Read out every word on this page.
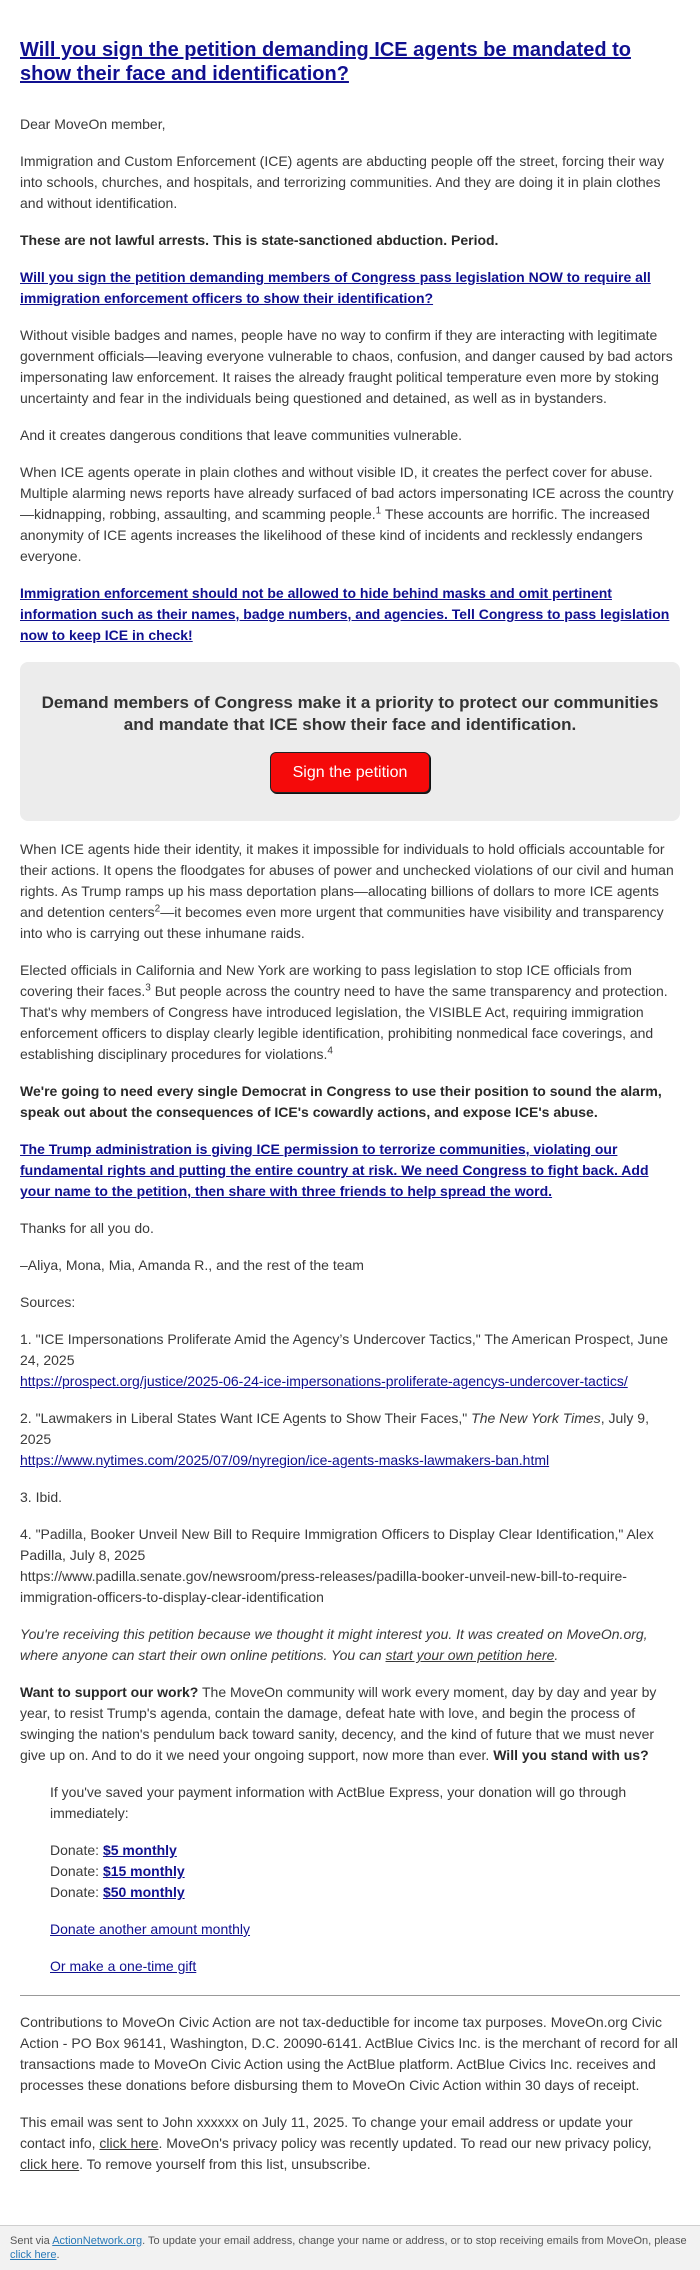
Will you sign the petition demanding ICE agents be mandated to show their face and identification?

Dear MoveOn member,

Immigration and Custom Enforcement (ICE) agents are abducting people off the street, forcing their way into schools, churches, and hospitals, and terrorizing communities. And they are doing it in plain clothes and without identification.

These are not lawful arrests. This is state-sanctioned abduction. Period.

Will you sign the petition demanding members of Congress pass legislation NOW to require all immigration enforcement officers to show their identification?

Without visible badges and names, people have no way to confirm if they are interacting with legitimate government officials—leaving everyone vulnerable to chaos, confusion, and danger caused by bad actors impersonating law enforcement. It raises the already fraught political temperature even more by stoking uncertainty and fear in the individuals being questioned and detained, as well as in bystanders.

And it creates dangerous conditions that leave communities vulnerable.

When ICE agents operate in plain clothes and without visible ID, it creates the perfect cover for abuse. Multiple alarming news reports have already surfaced of bad actors impersonating ICE across the country—kidnapping, robbing, assaulting, and scamming people.$^1$ These accounts are horrific. The increased anonymity of ICE agents increases the likelihood of these kind of incidents and recklessly endangers everyone.

Immigration enforcement should not be allowed to hide behind masks and omit pertinent information such as their names, badge numbers, and agencies. Tell Congress to pass legislation now to keep ICE in check!

Demand members of Congress make it a priority to protect our communities and mandate that ICE show their face and identification.
Sign the petition

When ICE agents hide their identity, it makes it impossible for individuals to hold officials accountable for their actions. It opens the floodgates for abuses of power and unchecked violations of our civil and human rights. As Trump ramps up his mass deportation plans—allocating billions of dollars to more ICE agents and detention centers$^2$—it becomes even more urgent that communities have visibility and transparency into who is carrying out these inhumane raids.

Elected officials in California and New York are working to pass legislation to stop ICE officials from covering their faces.$^3$ But people across the country need to have the same transparency and protection. That's why members of Congress have introduced legislation, the VISIBLE Act, requiring immigration enforcement officers to display clearly legible identification, prohibiting nonmedical face coverings, and establishing disciplinary procedures for violations.$^4$

We're going to need every single Democrat in Congress to use their position to sound the alarm, speak out about the consequences of ICE's cowardly actions, and expose ICE's abuse.

The Trump administration is giving ICE permission to terrorize communities, violating our fundamental rights and putting the entire country at risk. We need Congress to fight back. Add your name to the petition, then share with three friends to help spread the word.

Thanks for all you do.

–Aliya, Mona, Mia, Amanda R., and the rest of the team

Sources:

1. "ICE Impersonations Proliferate Amid the Agency’s Undercover Tactics," The American Prospect, June 24, 2025
https://prospect.org/justice/2025-06-24-ice-impersonations-proliferate-agencys-undercover-tactics/

2. "Lawmakers in Liberal States Want ICE Agents to Show Their Faces," The New York Times, July 9, 2025
https://www.nytimes.com/2025/07/09/nyregion/ice-agents-masks-lawmakers-ban.html

3. Ibid.

4. "Padilla, Booker Unveil New Bill to Require Immigration Officers to Display Clear Identification," Alex Padilla, July 8, 2025
https://www.padilla.senate.gov/newsroom/press-releases/padilla-booker-unveil-new-bill-to-require-immigration-officers-to-display-clear-identification

You're receiving this petition because we thought it might interest you. It was created on MoveOn.org, where anyone can start their own online petitions. You can start your own petition here.

Want to support our work? The MoveOn community will work every moment, day by day and year by year, to resist Trump's agenda, contain the damage, defeat hate with love, and begin the process of swinging the nation's pendulum back toward sanity, decency, and the kind of future that we must never give up on. And to do it we need your ongoing support, now more than ever. Will you stand with us?

If you've saved your payment information with ActBlue Express, your donation will go through immediately:

Donate: $5 monthly

Donate: $15 monthly

Donate: $50 monthly

Donate another amount monthly

Or make a one-time gift

Contributions to MoveOn Civic Action are not tax-deductible for income tax purposes. MoveOn.org Civic Action - PO Box 96141, Washington, D.C. 20090-6141. ActBlue Civics Inc. is the merchant of record for all transactions made to MoveOn Civic Action using the ActBlue platform. ActBlue Civics Inc. receives and processes these donations before disbursing them to MoveOn Civic Action within 30 days of receipt.

This email was sent to John xxxxxx on July 11, 2025. To change your email address or update your contact info, click here. MoveOn's privacy policy was recently updated. To read our new privacy policy, click here. To remove yourself from this list, unsubscribe.

Sent via ActionNetwork.org. To update your email address, change your name or address, or to stop receiving emails from MoveOn, please click here.
